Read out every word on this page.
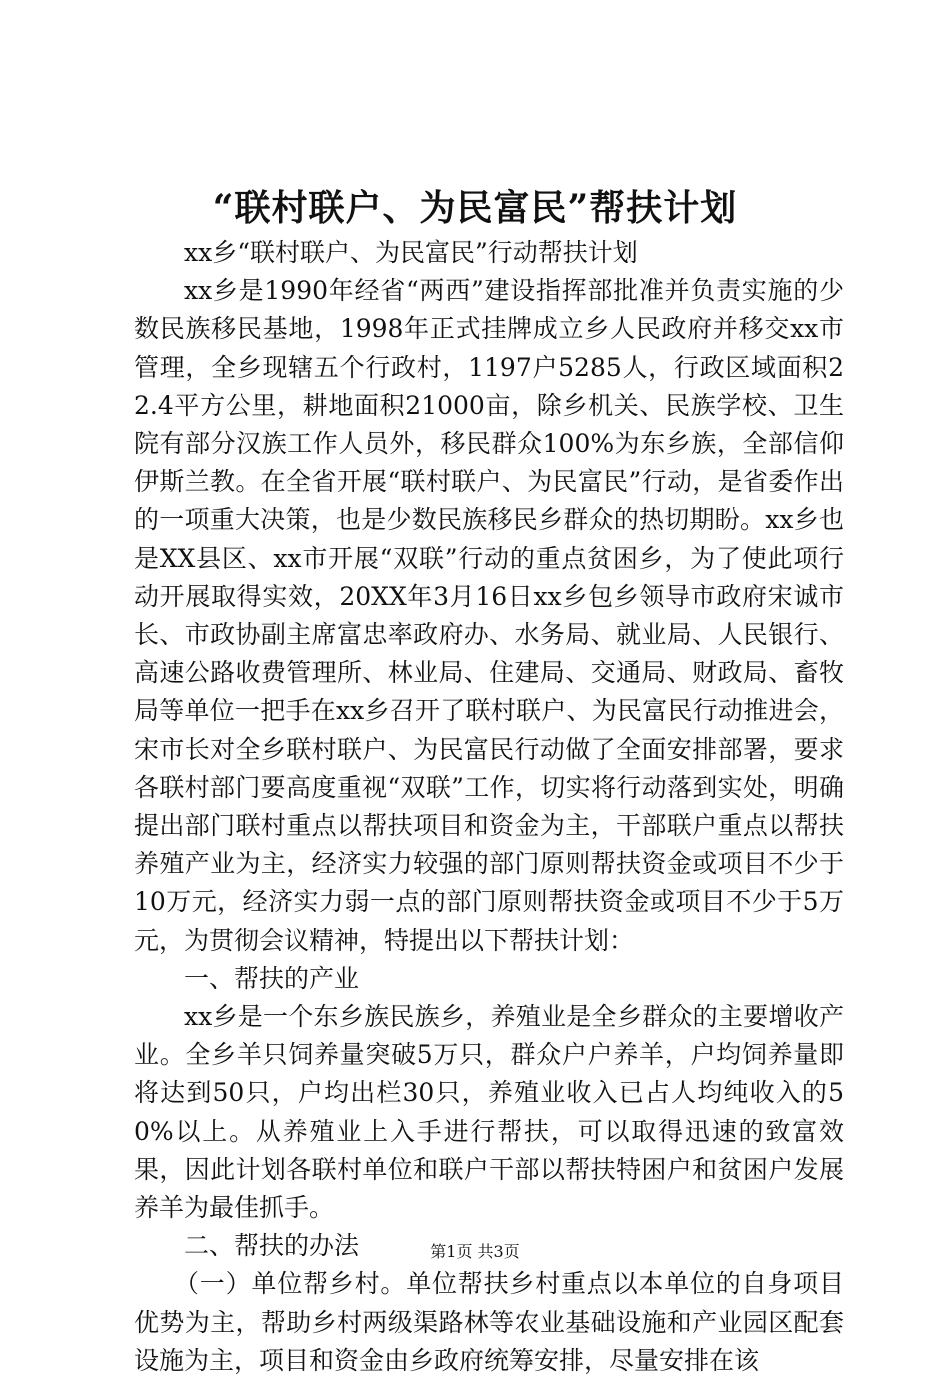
“联村联户、为民富民”帮扶计划

xx乡“联村联户、为民富民”行动帮扶计划

xx乡是1990年经省“两西”建设指挥部批准并负责实施的少数民族移民基地，1998年正式挂牌成立乡人民政府并移交xx市管理，全乡现辖五个行政村，1197户5285人，行政区域面积22.4平方公里，耕地面积21000亩，除乡机关、民族学校、卫生院有部分汉族工作人员外，移民群众100%为东乡族，全部信仰伊斯兰教。在全省开展“联村联户、为民富民”行动，是省委作出的一项重大决策，也是少数民族移民乡群众的热切期盼。xx乡也是XX县区、xx市开展“双联”行动的重点贫困乡，为了使此项行动开展取得实效，20XX年3月16日xx乡包乡领导市政府宋诚市长、市政协副主席富忠率政府办、水务局、就业局、人民银行、高速公路收费管理所、林业局、住建局、交通局、财政局、畜牧局等单位一把手在xx乡召开了联村联户、为民富民行动推进会，宋市长对全乡联村联户、为民富民行动做了全面安排部署，要求各联村部门要高度重视“双联”工作，切实将行动落到实处，明确提出部门联村重点以帮扶项目和资金为主，干部联户重点以帮扶养殖产业为主，经济实力较强的部门原则帮扶资金或项目不少于10万元，经济实力弱一点的部门原则帮扶资金或项目不少于5万元，为贯彻会议精神，特提出以下帮扶计划：

一、帮扶的产业

xx乡是一个东乡族民族乡，养殖业是全乡群众的主要增收产业。全乡羊只饲养量突破5万只，群众户户养羊，户均饲养量即将达到50只，户均出栏30只，养殖业收入已占人均纯收入的50%以上。从养殖业上入手进行帮扶，可以取得迅速的致富效果，因此计划各联村单位和联户干部以帮扶特困户和贫困户发展养羊为最佳抓手。

二、帮扶的办法

（一）单位帮乡村。单位帮扶乡村重点以本单位的自身项目优势为主，帮助乡村两级渠路林等农业基础设施和产业园区配套设施为主，项目和资金由乡政府统筹安排，尽量安排在该

第1页 共3页
